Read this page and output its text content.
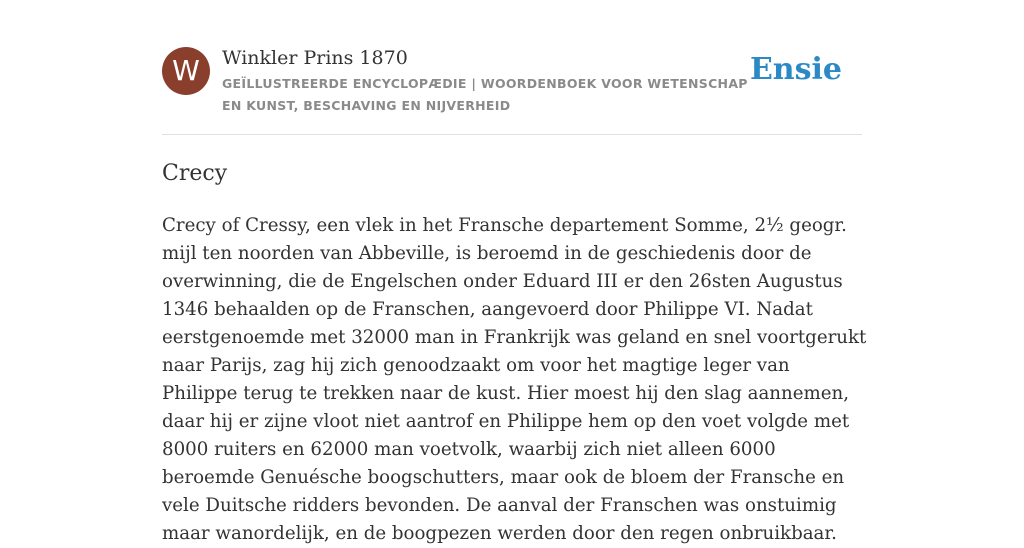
W	Winkler Prins 1870
GEÏLLUSTREERDE ENCYCLOPÆDIE | WOORDENBOEK VOOR WETENSCHAP EN KUNST, BESCHAVING EN NIJVERHEID
Ensie
Crecy

Crecy of Cressy, een vlek in het Fransche departement Somme, 2½ geogr. mijl ten noorden van Abbeville, is beroemd in de geschiedenis door de overwinning, die de Engelschen onder Eduard III er den 26sten Augustus 1346 behaalden op de Franschen, aangevoerd door Philippe VI. Nadat eerstgenoemde met 32000 man in Frankrijk was geland en snel voortgerukt naar Parijs, zag hij zich genoodzaakt om voor het magtige leger van Philippe terug te trekken naar de kust. Hier moest hij den slag aannemen, daar hij er zijne vloot niet aantrof en Philippe hem op den voet volgde met 8000 ruiters en 62000 man voetvolk, waarbij zich niet alleen 6000 beroemde Genuésche boogschutters, maar ook de bloem der Fransche en vele Duitsche ridders bevonden. De aanval der Franschen was onstuimig maar wanordelijk, en de boogpezen werden door den regen onbruikbaar.
